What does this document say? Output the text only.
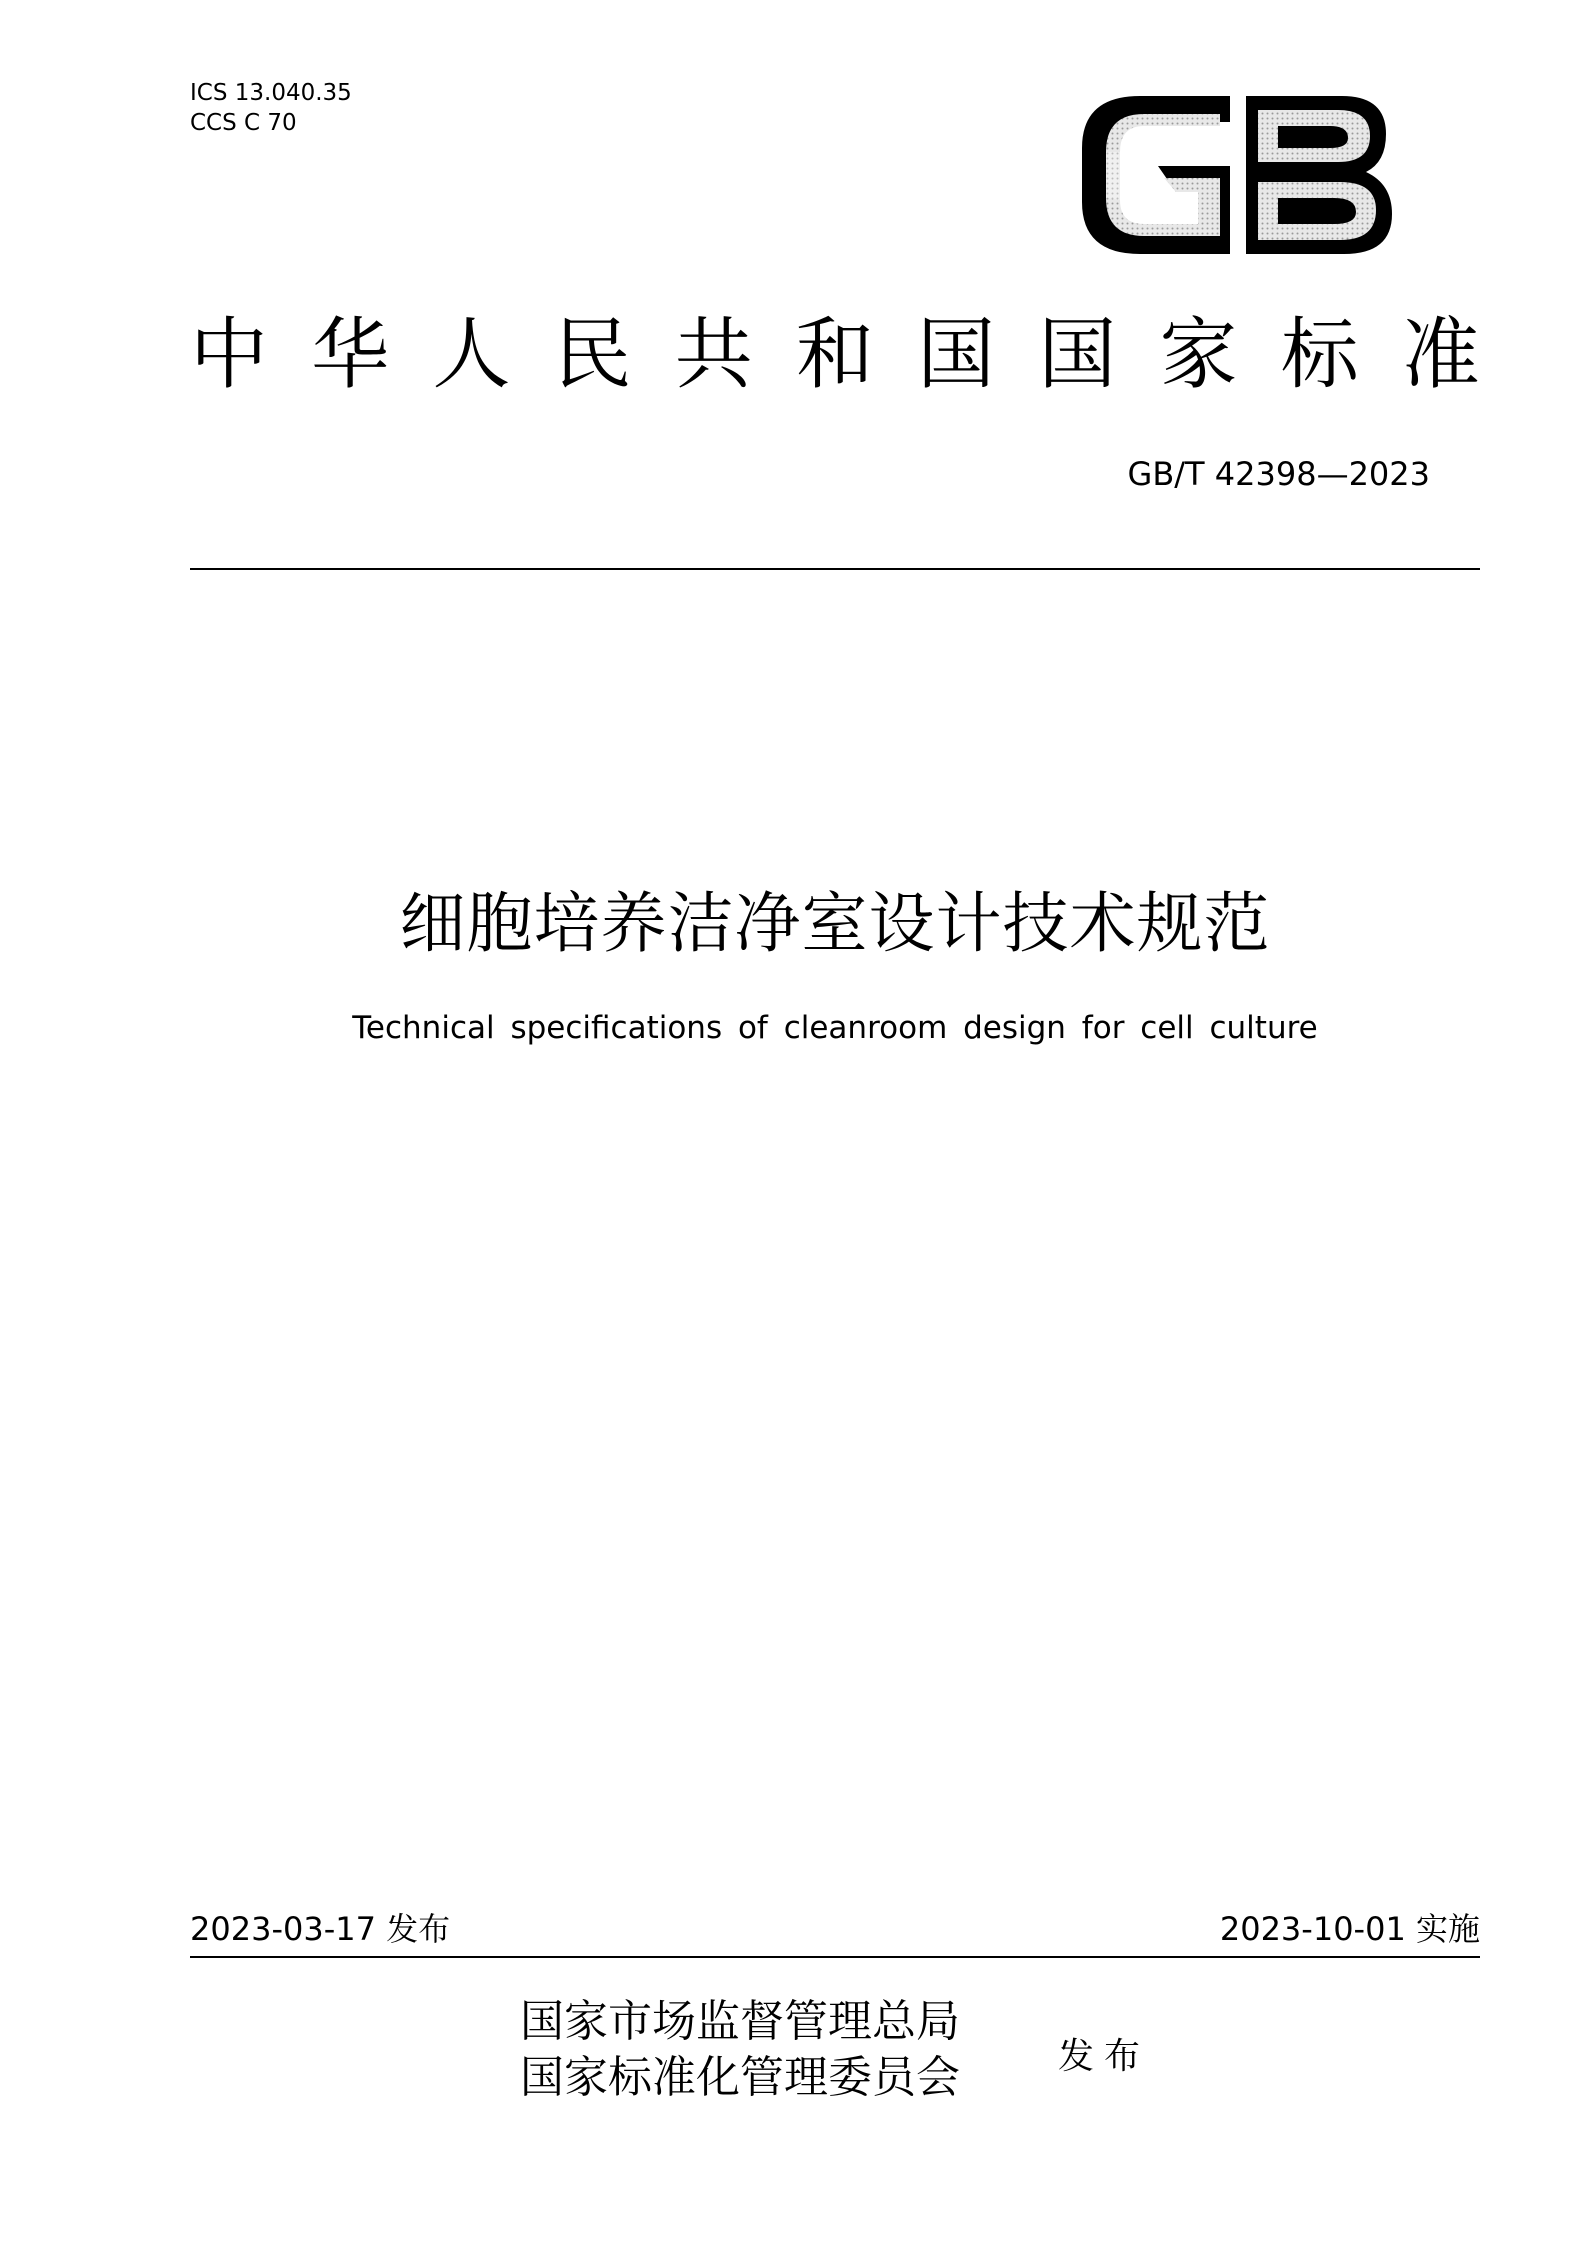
ICS 13.040.35
CCS C 70
中 华 人 民 共 和 国 国 家 标 准
GB/T 42398—2023
细胞培养洁净室设计技术规范
Technical specifications of cleanroom design for cell culture
2023-03-17 发布	2023-10-01 实施
国家市场监督管理总局
国家标准化管理委员会	发布
